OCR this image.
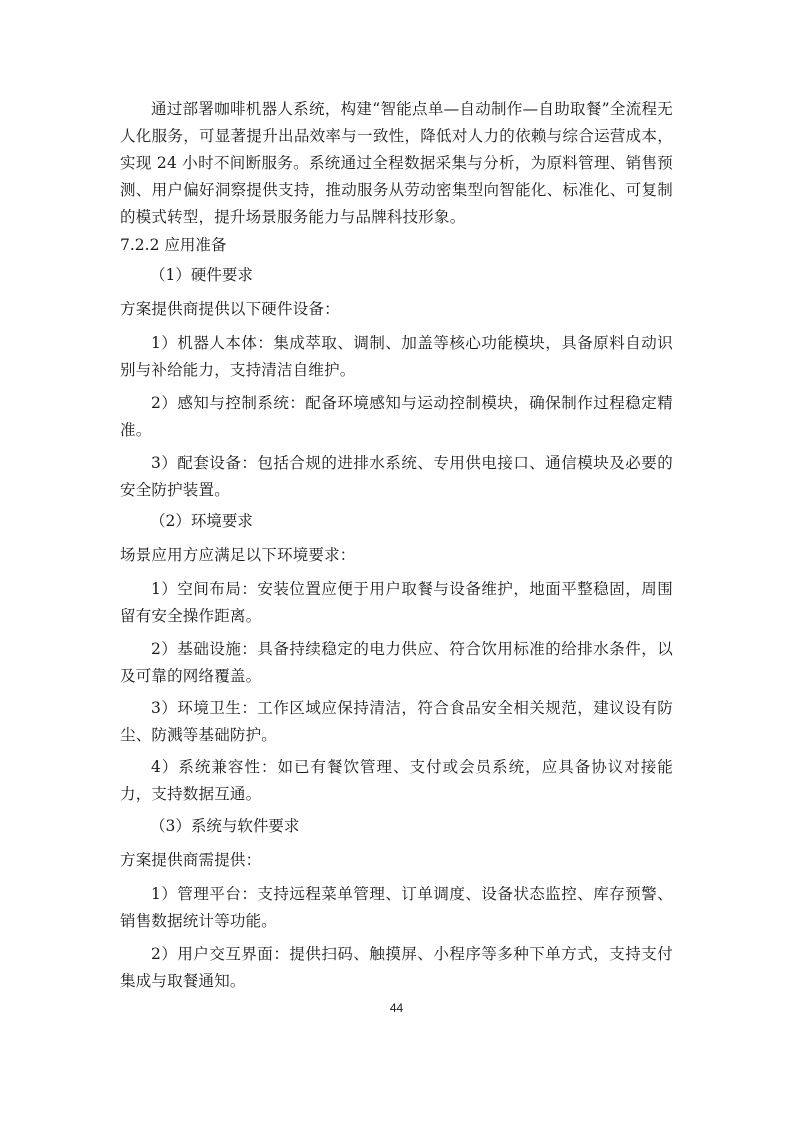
通过部署咖啡机器人系统，构建“智能点单—自动制作—自助取餐”全流程无人化服务，可显著提升出品效率与一致性，降低对人力的依赖与综合运营成本，实现 24 小时不间断服务。系统通过全程数据采集与分析，为原料管理、销售预测、用户偏好洞察提供支持，推动服务从劳动密集型向智能化、标准化、可复制的模式转型，提升场景服务能力与品牌科技形象。

7.2.2 应用准备

（1）硬件要求

方案提供商提供以下硬件设备：

1）机器人本体：集成萃取、调制、加盖等核心功能模块，具备原料自动识别与补给能力，支持清洁自维护。

2）感知与控制系统：配备环境感知与运动控制模块，确保制作过程稳定精准。

3）配套设备：包括合规的进排水系统、专用供电接口、通信模块及必要的安全防护装置。

（2）环境要求

场景应用方应满足以下环境要求：

1）空间布局：安装位置应便于用户取餐与设备维护，地面平整稳固，周围留有安全操作距离。

2）基础设施：具备持续稳定的电力供应、符合饮用标准的给排水条件，以及可靠的网络覆盖。

3）环境卫生：工作区域应保持清洁，符合食品安全相关规范，建议设有防尘、防溅等基础防护。

4）系统兼容性：如已有餐饮管理、支付或会员系统，应具备协议对接能力，支持数据互通。

（3）系统与软件要求

方案提供商需提供：

1）管理平台：支持远程菜单管理、订单调度、设备状态监控、库存预警、销售数据统计等功能。

2）用户交互界面：提供扫码、触摸屏、小程序等多种下单方式，支持支付集成与取餐通知。

44
